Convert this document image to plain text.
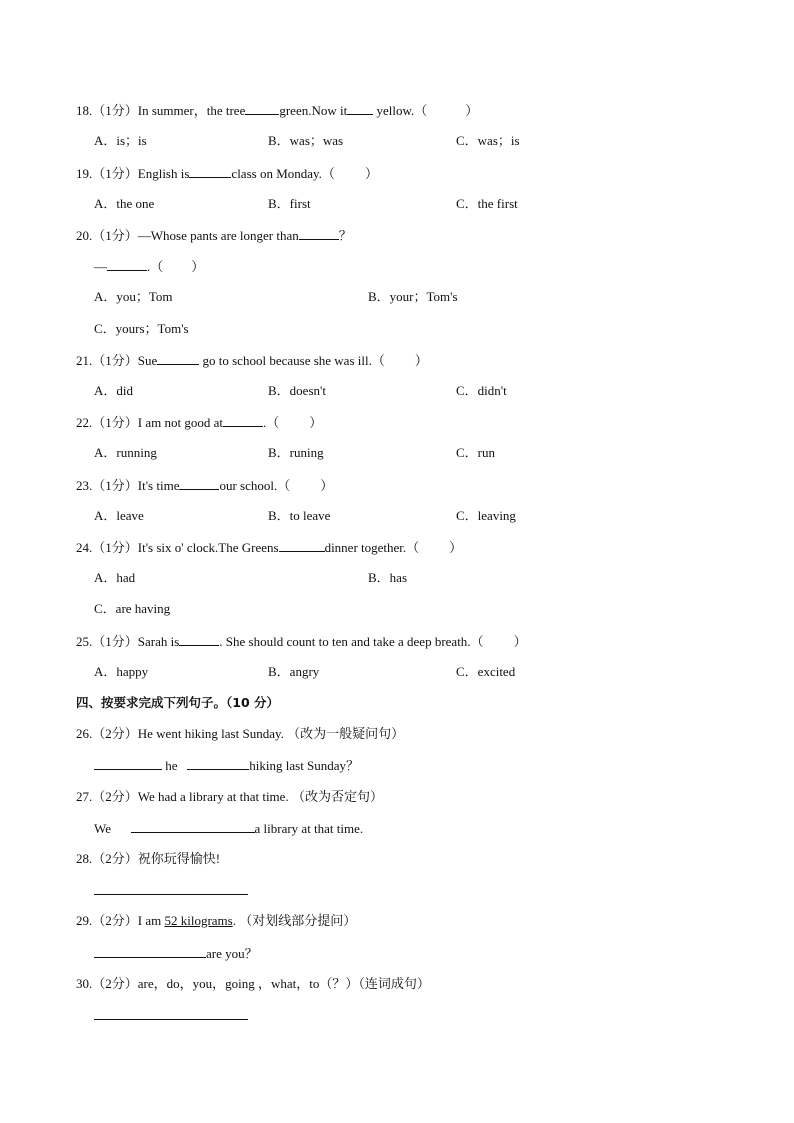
18.（1分）In summer，the tree	green.Now it yellow.（	）
A．is；is	B．was；was	C．was；is
19.（1分）English is	class on Monday.（ ）
A．the one	B．first	C．the first
20.（1分）—Whose pants are longer than	？
—	.（ ）
A．you；Tom	B．your；Tom's
C．yours；Tom's
21.（1分）Sue	go to school because she was ill.（ ）
A．did	B．doesn't	C．didn't
22.（1分）I am not good at	.（ ）
A．running	B．runing	C．run
23.（1分）It's time	our school.（ ）
A．leave	B．to leave	C．leaving
24.（1分）It's six o' clock.The Greens	dinner together.（ ）
A．had	B．has
C．are having
25.（1分）Sarah is	. She should count to ten and take a deep breath.（ ）
A．happy	B．angry	C．excited
四、按要求完成下列句子。（10 分）
26.（2分）He went hiking last Sunday. （改为一般疑问句）
he	hiking last Sunday？
27.（2分）We had a library at that time. （改为否定句）
We	a library at that time.
28.（2分）祝你玩得愉快!
29.（2分）I am 52 kilograms. （对划线部分提问）
are you？
30.（2分）are，do，you，going ，what，to（？）（连词成句）
